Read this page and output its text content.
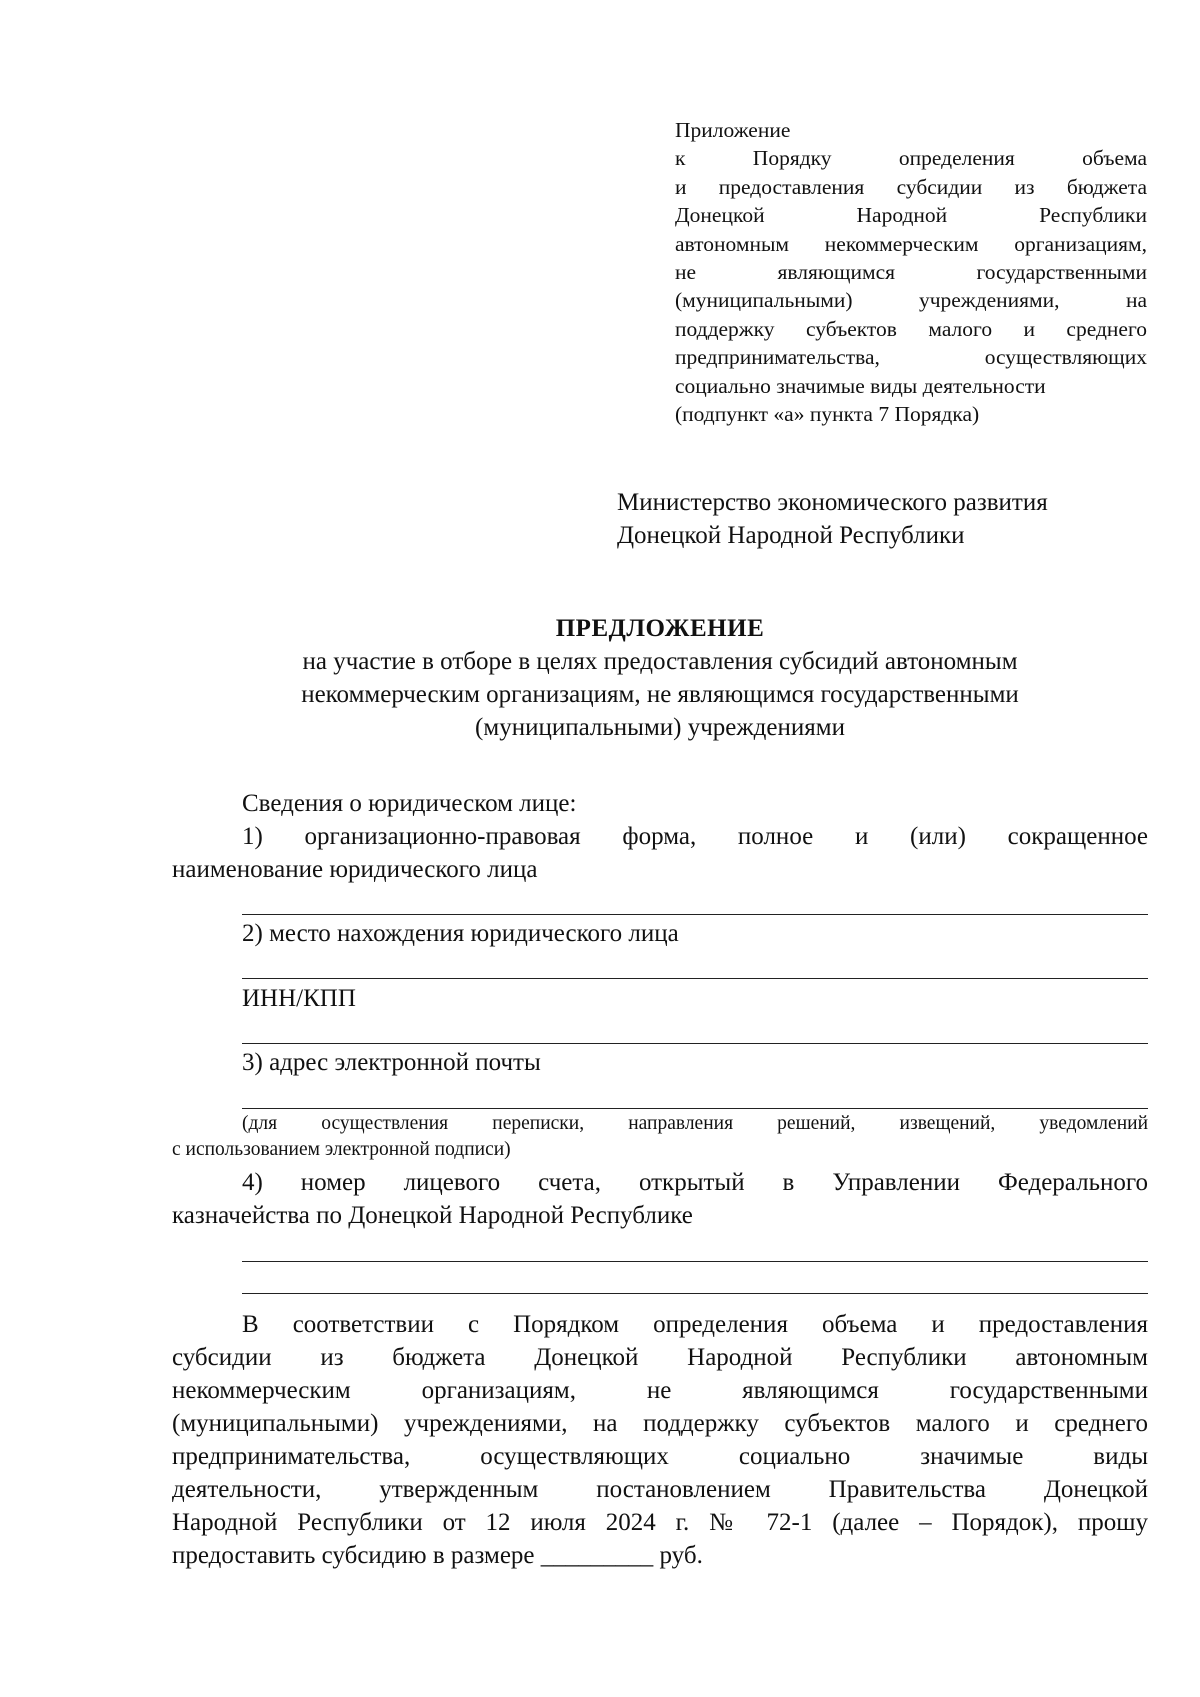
Приложение
к Порядку определения объема
и предоставления субсидии из бюджета
Донецкой Народной Республики
автономным некоммерческим организациям,
не являющимся государственными
(муниципальными) учреждениями, на
поддержку субъектов малого и среднего
предпринимательства, осуществляющих
социально значимые виды деятельности
(подпункт «а» пункта 7 Порядка)
Министерство экономического развития
Донецкой Народной Республики
ПРЕДЛОЖЕНИЕ
на участие в отборе в целях предоставления субсидий автономным
некоммерческим организациям, не являющимся государственными
(муниципальными) учреждениями
Сведения о юридическом лице:
1) организационно-правовая форма, полное и (или) сокращенное
наименование юридического лица
2) место нахождения юридического лица
ИНН/КПП
3) адрес электронной почты
(для осуществления переписки, направления решений, извещений, уведомлений
с использованием электронной подписи)
4) номер лицевого счета, открытый в Управлении Федерального
казначейства по Донецкой Народной Республике
В соответствии с Порядком определения объема и предоставления
субсидии из бюджета Донецкой Народной Республики автономным
некоммерческим организациям, не являющимся государственными
(муниципальными) учреждениями, на поддержку субъектов малого и среднего
предпринимательства, осуществляющих социально значимые виды
деятельности, утвержденным постановлением Правительства Донецкой
Народной Республики от 12 июля 2024 г. № 72-1 (далее – Порядок), прошу
предоставить субсидию в размере _________ руб.
